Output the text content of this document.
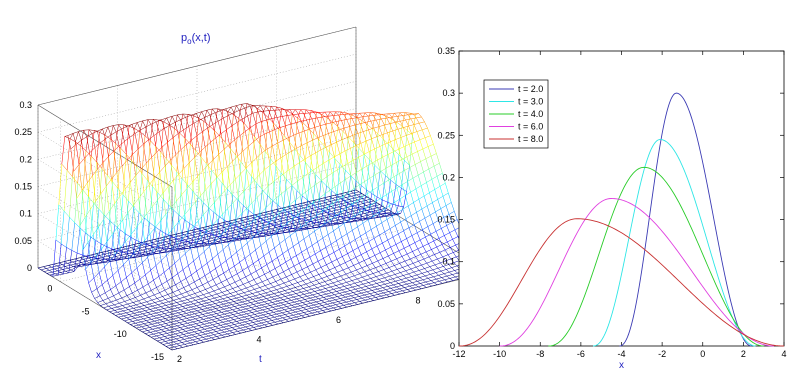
0
0.05
0.1
0.15
0.2
0.25
0.3
0
-5
-10
-15 2
4
6
8
$p_o(x,t)$
x	t	-12	-10	-8	-6	-4	-2	0	2	4
0
0.05
0.1
0.15
0.2
0.25
0.3
0.35
x
t = 2.0
t = 3.0
t = 4.0
t = 6.0
t = 8.0
